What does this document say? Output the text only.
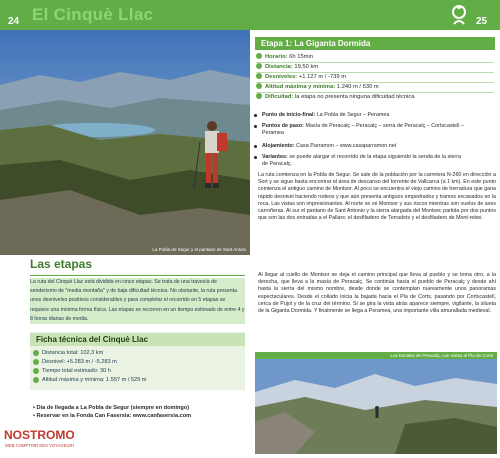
24 El Cinquè Llac
La Pobla de Segur y el pantano de Sant Antoni
Las etapas
La ruta del Cinquè Llac está dividida en cinco etapas. Se trata de una travesía de senderismo de "media montaña" y de baja dificultad técnica. No obstante, la ruta presenta unos desniveles positivos considerables y para completar el recorrido en 5 etapas se requiere una mínima forma física. Las etapas se recorren en un tiempo estimado de entre 4 y 8 horas diarias de media.
Ficha técnica del Cinquè Llac
Distancia total: 102,3 km
Desnivel: +5.283 m / -5.283 m
Tiempo total estimado: 30 h
Altitud máxima y mínima: 1.557 m / 529 m
• Día de llegada a La Pobla de Segur (siempre en domingo)
• Reservar en la Fonda Can Fasersia: www.canfasersia.com
NOSTROMO
WEB COMPTOIR DES VOYAGEURS
25
Etapa 1: La Giganta Dormida
Horario: 6h 15min
Distancia: 19,50 km
Desniveles: +1.127 m / -739 m
Altitud máxima y mínima: 1.240 m / 530 m
Dificultad: la etapa no presenta ninguna dificultad técnica
Punto de inicio-final: La Pobla de Segur – Peramea
Puntos de paso: Masía de Peracalç – Peracalç – serra de Peracalç – Cortscastell – Peramea
Alojamiento: Casa Parramon – www.casaparramon.net
Variantes: se puede alargar el recorrido de la etapa siguiendo la senda de la sierra de Peracalç.
La ruta comienza en la Pobla de Segur. Se sale de la población por la carretera N-260 en dirección a Sort y se sigue hasta encontrar el área de descanso del torrente de Vallcarca (a 1 km). En este punto comienza el antiguo camino de Montsor. Al poco se encuentra el viejo camino de herradura que gana rápido desnivel haciendo rodeos y que aún presenta antiguos empedrados y tramos excavados en la roca. Las vistas son impresionantes. Al norte se ve Montsor y sus riscos mientras son vuelos de aves carroñeras. Al sur el pantano de Sant Antonio y la sierra alargada del Montsec partida por dos puntos que son las dos entradas a el Pallars: el desfiladero de Terradets y el desfiladero de Mont-rebei.
Al llegar al cuello de Montsor se deja el camino principal que lleva al pueblo y se toma otro, a la derecha, que lleva a la masía de Peracalç. Se continúa hacia el pueblo de Peracalç y desde ahí hasta la sierra del mismo nombre, desde donde se contemplan nuevamente unos panoramas espectaculares. Desde el collado inicia la bajada hacia el Pla de Corts, pasando por Cortscastell, cerca de Pujol y de la cruz del término. Si se gira la vista atrás aparece siempre, vigilante, la silueta de la Giganta Dormida. Y finalmente se llega a Peramea, una importante villa amurallada medieval.
Los Escalas de Peracalç, con vistas al Pla de Corts
